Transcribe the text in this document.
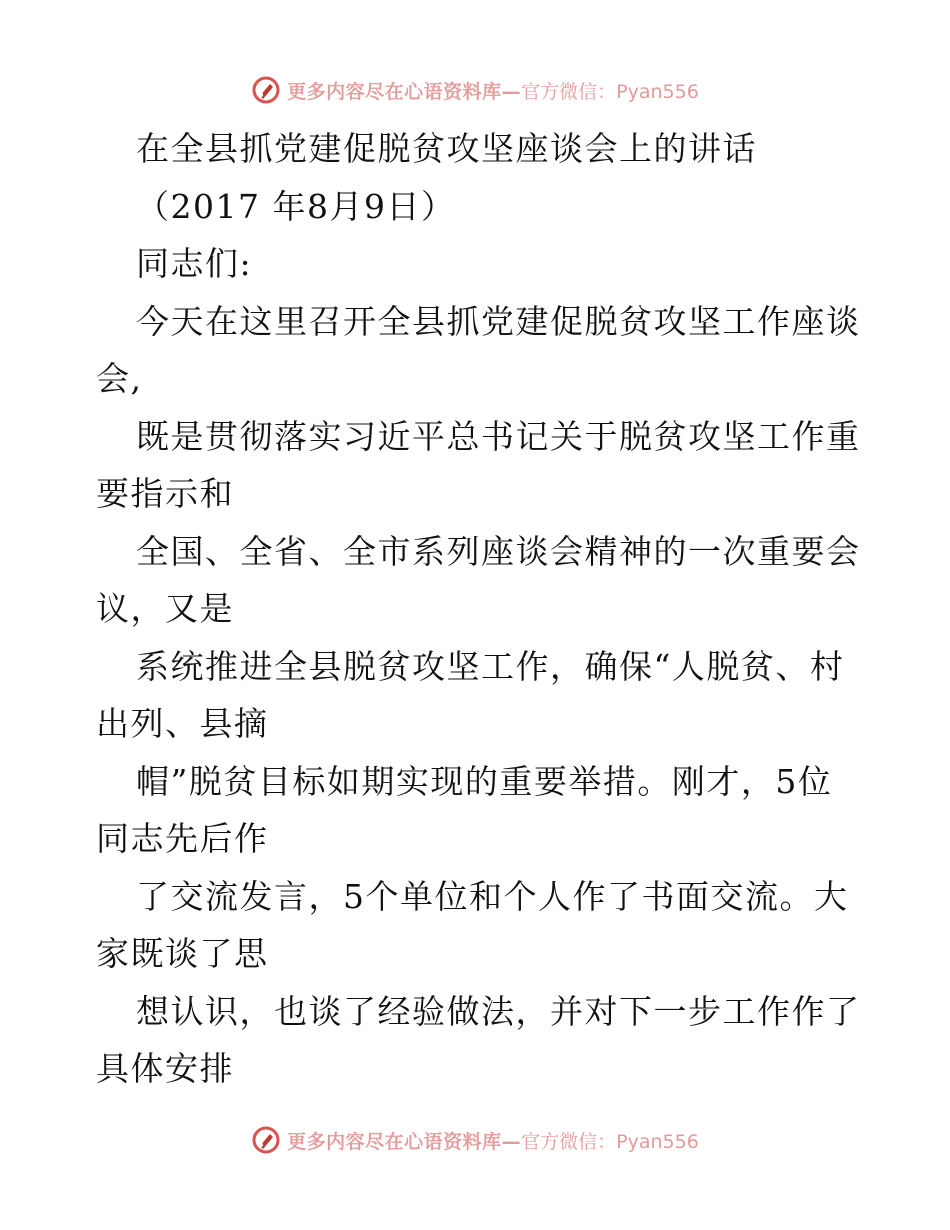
更多内容尽在心语资料库— 官方微信：Pyan556
在全县抓党建促脱贫攻坚座谈会上的讲话
（2017 年8月9日）
同志们:
今天在这里召开全县抓党建促脱贫攻坚工作座谈
会,
既是贯彻落实习近平总书记关于脱贫攻坚工作重
要指示和
全国、全省、全市系列座谈会精神的一次重要会
议，又是
系统推进全县脱贫攻坚工作，确保“人脱贫、村
出列、县摘
帽”脱贫目标如期实现的重要举措。刚才，5位
同志先后作
了交流发言，5个单位和个人作了书面交流。大
家既谈了思
想认识，也谈了经验做法，并对下一步工作作了
具体安排
更多内容尽在心语资料库— 官方微信：Pyan556
